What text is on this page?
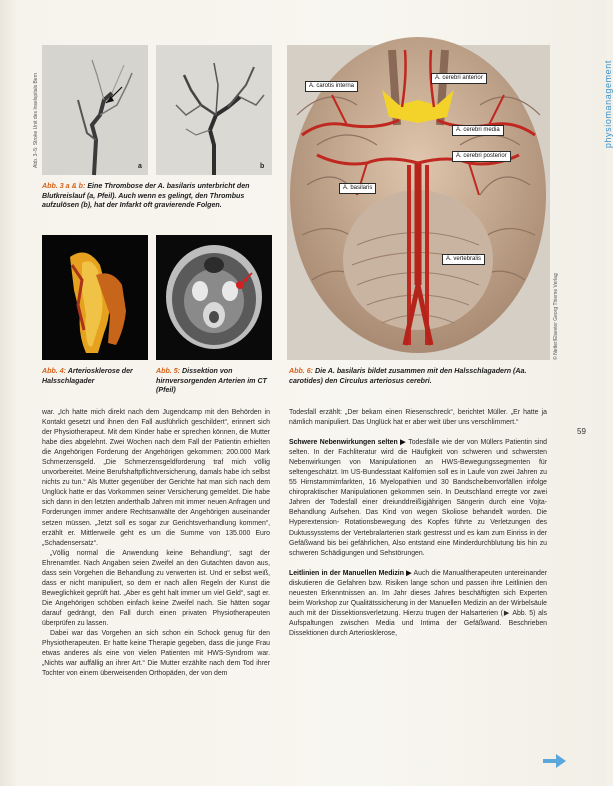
a
Abb. 3–5: Stroke Unit des Inselspitals Bern	b
Abb. 3 a & b: Eine Thrombose der A. basilaris unterbricht den Blutkreislauf (a, Pfeil). Auch wenn es gelingt, den Thrombus aufzulösen (b), hat der Infarkt oft gravierende Folgen.
Abb. 4: Arteriosklerose der Halsschlagader
Abb. 5: Dissektion von hirnversorgenden Arterien im CT (Pfeil)
A. carotis interna
A. cerebri anterior
A. cerebri media
A. cerebri posterior
A. basilaris
A. vertebralis
© Netter/Elsevier Georg Thieme Verlag
Abb. 6: Die A. basilaris bildet zusammen mit den Halsschlagadern (Aa. carotides) den Circulus arteriosus cerebri.

war. „Ich hatte mich direkt nach dem Jugendcamp mit den Behörden in Kontakt gesetzt und ihnen den Fall ausführlich geschildert“, erinnert sich der Physiotherapeut. Mit dem Kinder habe er sprechen können, die Mutter habe dies abgelehnt. Zwei Wochen nach dem Fall der Patientin erhielten die Angehörigen Forderung der Angehörigen gekommen: 200.000 Mark Schmerzensgeld. „Die Schmerzensgeldforderung traf mich völlig unvorbereitet. Meine Berufshaftpflichtversicherung, damals habe ich selbst nichts zu tun.“ Als Mutter gegenüber der Gerichte hat man sich nach dem Unglück hatte er das Vorkommen seiner Versicherung gemeldet. Die habe sich dann in den letzten anderthalb Jahren mit immer neuen Anfragen und Forderungen immer andere Rechtsanwälte der Angehörigen auseinander setzen müssen. „Jetzt soll es sogar zur Gerichtsverhandlung kommen“, erzählt er. Mittlerweile geht es um die Summe von 135.000 Euro „Schadensersatz“.

„Völlig normal die Anwendung keine Behandlung“, sagt der Ehrenamtler. Nach Angaben seien Zweifel an den Gutachten davon aus, dass sein Vorgehen die Behandlung zu verwerten ist. Und er selbst weiß, dass er nicht manipuliert, so dem er nach allen Regeln der Kunst die Beweglichkeit geprüft hat. „Aber es geht halt immer um viel Geld“, sagt er. Die Angehörigen schöben einfach keine Zweifel nach. Sie hätten sogar darauf gedrängt, den Fall durch einen privaten Physiotherapeuten überprüfen zu lassen.

Dabei war das Vorgehen an sich schon ein Schock genug für den Physiotherapeuten. Er hatte keine Therapie gegeben, dass die junge Frau etwas anderes als eine von vielen Patienten mit HWS-Syndrom war. „Nichts war auffällig an ihrer Art.“ Die Mutter erzählte nach dem Tod ihrer Tochter von einem überweisenden Orthopäden, der von dem

Todesfall erzählt: „Der bekam einen Riesenschreck“, berichtet Müller. „Er hatte ja nämlich manipuliert. Das Unglück hat er aber weit über uns verschlimmert.“

Schwere Nebenwirkungen selten ▶ Todesfälle wie der von Müllers Patientin sind selten. In der Fachliteratur wird die Häufigkeit von schweren und schwersten Nebenwirkungen von Manipulationen an HWS-Bewegungssegmenten für seltengeschätzt. Im US-Bundesstaat Kalifornien soll es in Laufe von zwei Jahren zu 55 Hirnstammimfarkten, 16 Myelopathien und 30 Bandscheibenvorfällen infolge chiropraktischer Manipulationen gekommen sein. In Deutschland erregte vor zwei Jahren der Todesfall einer dreiunddreißigjährigen Sängerin durch eine Vojta-Behandlung Aufsehen. Das Kind von wegen Skoliose behandelt worden. Die Hyperextension- Rotationsbewegung des Kopfes führte zu Verletzungen des Duktussysstems der Vertebralarterien stark gestresst und es kam zum Einriss in der Gefäßwand bis bei gefährlichen, Also entstand eine Minderdurchblutung bis hin zu schweren Schädigungen und Sehstörungen.

Leitlinien in der Manuellen Medizin ▶ Auch die Manualtherapeuten untereinander diskutieren die Gefahren bzw. Risiken lange schon und passen ihre Leitlinien den neuesten Erkenntnissen an. Im Jahr dieses Jahres beschäftigten sich Experten beim Workshop zur Qualitätssicherung in der Manuellen Medizin an der Wirbelsäule auch mit der Dissektionsverletzung. Hierzu trugen der Halsarterien (▶ Abb. 5) als Aufspaltungen zwischen Media und Intima der Gefäßwand. Beschrieben Dissektionen durch Arteriosklerose,

physiomanagement
59
